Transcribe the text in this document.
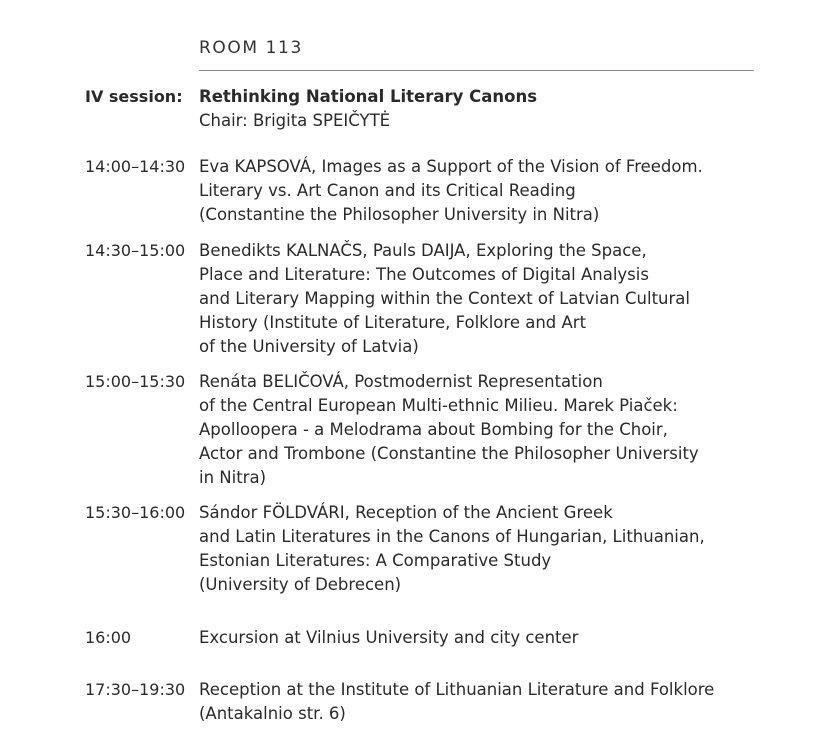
ROOM 113
IV session: Rethinking National Literary Canons
Chair: Brigita SPEIČYTĖ
14:00–14:30 Eva KAPSOVÁ, Images as a Support of the Vision of Freedom.
Literary vs. Art Canon and its Critical Reading
(Constantine the Philosopher University in Nitra)
14:30–15:00 Benedikts KALNAČS, Pauls DAIJA, Exploring the Space,
Place and Literature: The Outcomes of Digital Analysis
and Literary Mapping within the Context of Latvian Cultural
History (Institute of Literature, Folklore and Art
of the University of Latvia)
15:00–15:30 Renáta BELIČOVÁ, Postmodernist Representation
of the Central European Multi-ethnic Milieu. Marek Piaček:
Apolloopera - a Melodrama about Bombing for the Choir,
Actor and Trombone (Constantine the Philosopher University
in Nitra)
15:30–16:00 Sándor FÖLDVÁRI, Reception of the Ancient Greek
and Latin Literatures in the Canons of Hungarian, Lithuanian,
Estonian Literatures: A Comparative Study
(University of Debrecen)
16:00	Excursion at Vilnius University and city center
17:30–19:30 Reception at the Institute of Lithuanian Literature and Folklore
(Antakalnio str. 6)
